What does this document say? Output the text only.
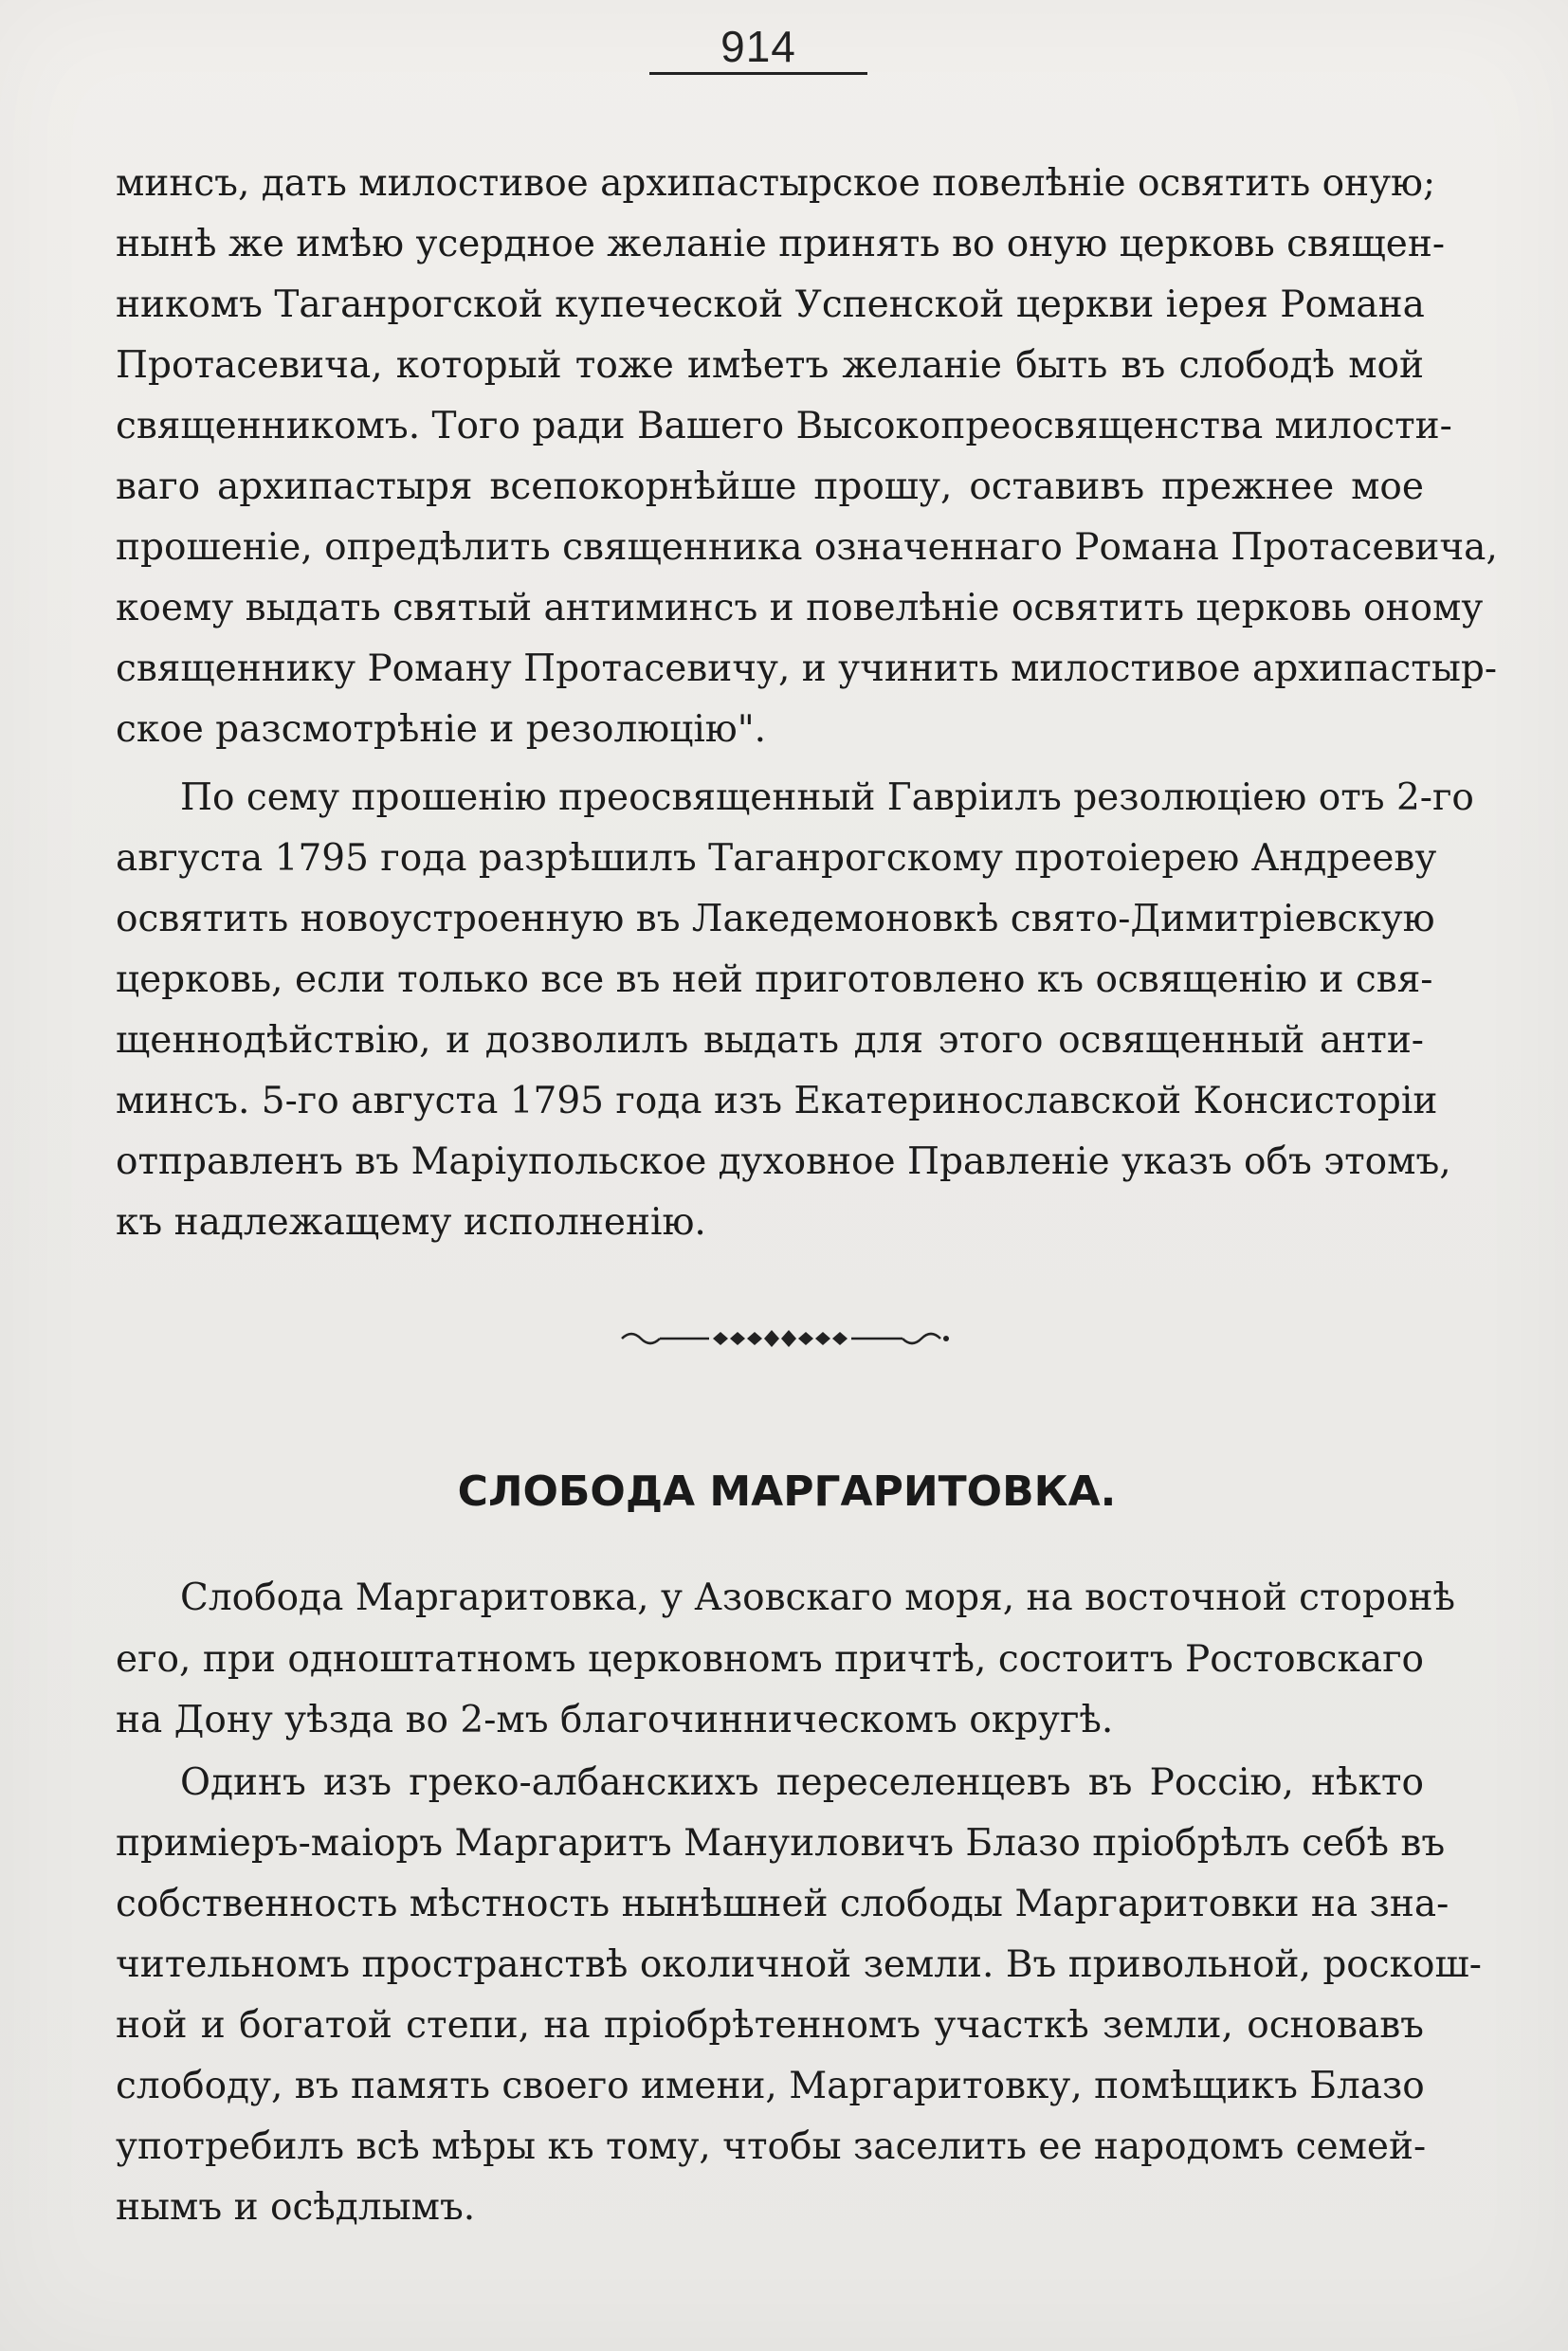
914
минсъ, дать милостивое архипастырское повелѣніе освятить оную;
нынѣ же имѣю усердное желаніе принять во оную церковь священ-
никомъ Таганрогской купеческой Успенской церкви іерея Романа
Протасевича, который тоже имѣетъ желаніе быть въ слободѣ мой
священникомъ. Того ради Вашего Высокопреосвященства милости-
ваго архипастыря всепокорнѣйше прошу, оставивъ прежнее мое
прошеніе, опредѣлить священника означеннаго Романа Протасевича,
коему выдать святый антиминсъ и повелѣніе освятить церковь оному
священнику Роману Протасевичу, и учинить милостивое архипастыр-
ское разсмотрѣніе и резолюцію".
По сему прошенію преосвященный Гавріилъ резолюціею отъ 2-го
августа 1795 года разрѣшилъ Таганрогскому протоіерею Андрееву
освятить новоустроенную въ Лакедемоновкѣ свято-Димитріевскую
церковь, если только все въ ней приготовлено къ освященію и свя-
щеннодѣйствію, и дозволилъ выдать для этого освященный анти-
минсъ. 5-го августа 1795 года изъ Екатеринославской Консисторіи
отправленъ въ Маріупольское духовное Правленіе указъ объ этомъ,
къ надлежащему исполненію.
СЛОБОДА МАРГАРИТОВКА.
Слобода Маргаритовка, у Азовскаго моря, на восточной сторонѣ
его, при одноштатномъ церковномъ причтѣ, состоитъ Ростовскаго
на Дону уѣзда во 2-мъ благочинническомъ округѣ.
Одинъ изъ греко-албанскихъ переселенцевъ въ Россію, нѣкто
приміеръ-маіоръ Маргаритъ Мануиловичъ Блазо пріобрѣлъ себѣ въ
собственность мѣстность нынѣшней слободы Маргаритовки на зна-
чительномъ пространствѣ околичной земли. Въ привольной, роскош-
ной и богатой степи, на пріобрѣтенномъ участкѣ земли, основавъ
слободу, въ память своего имени, Маргаритовку, помѣщикъ Блазо
употребилъ всѣ мѣры къ тому, чтобы заселить ее народомъ семей-
нымъ и осѣдлымъ.
